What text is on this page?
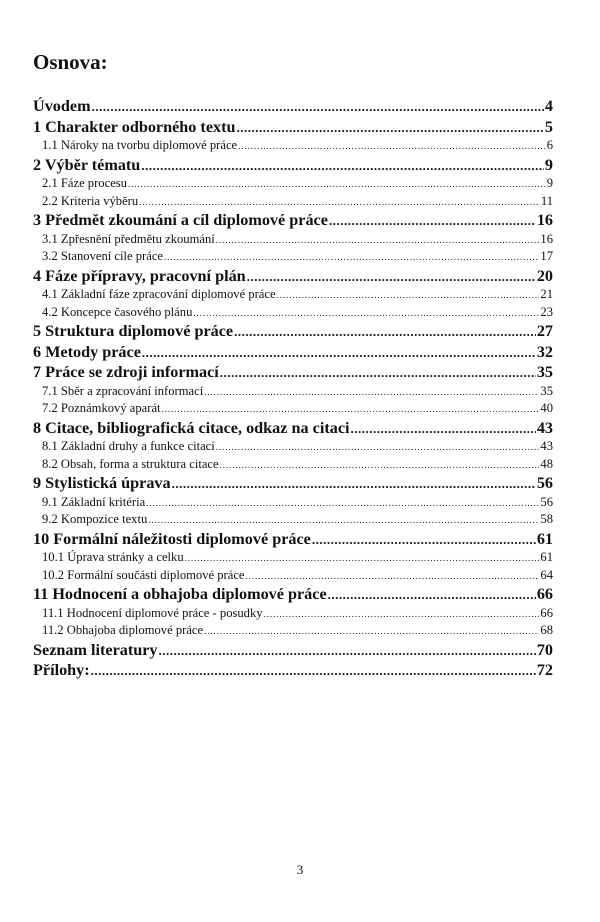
Osnova:
Úvodem .....	4
1 Charakter odborného textu .....	5
1.1 Nároky na tvorbu diplomové práce .....	6
2 Výběr tématu .....	9
2.1 Fáze procesu .....	9
2.2 Kriteria výběru .....	11
3 Předmět zkoumání a cíl diplomové práce .....	16
3.1 Zpřesnění předmětu zkoumání .....	16
3.2 Stanovení cíle práce .....	17
4 Fáze přípravy, pracovní plán .....	20
4.1 Základní fáze zpracování diplomové práce .....	21
4.2 Koncepce časového plánu .....	23
5 Struktura diplomové práce .....	27
6 Metody práce .....	32
7 Práce se zdroji informací .....	35
7.1 Sběr a zpracování informací .....	35
7.2 Poznámkový aparát .....	40
8 Citace, bibliografická citace, odkaz na citaci .....	43
8.1 Základní druhy a funkce citací .....	43
8.2 Obsah, forma a struktura citace .....	48
9 Stylistická úprava .....	56
9.1 Základní kritéria .....	56
9.2 Kompozice textu .....	58
10 Formální náležitosti diplomové práce .....	61
10.1 Úprava stránky a celku .....	61
10.2 Formální součásti diplomové práce .....	64
11 Hodnocení a obhajoba diplomové práce .....	66
11.1 Hodnocení diplomové práce - posudky .....	66
11.2 Obhajoba diplomové práce .....	68
Seznam literatury .....	70
Přílohy: .....	72
3
